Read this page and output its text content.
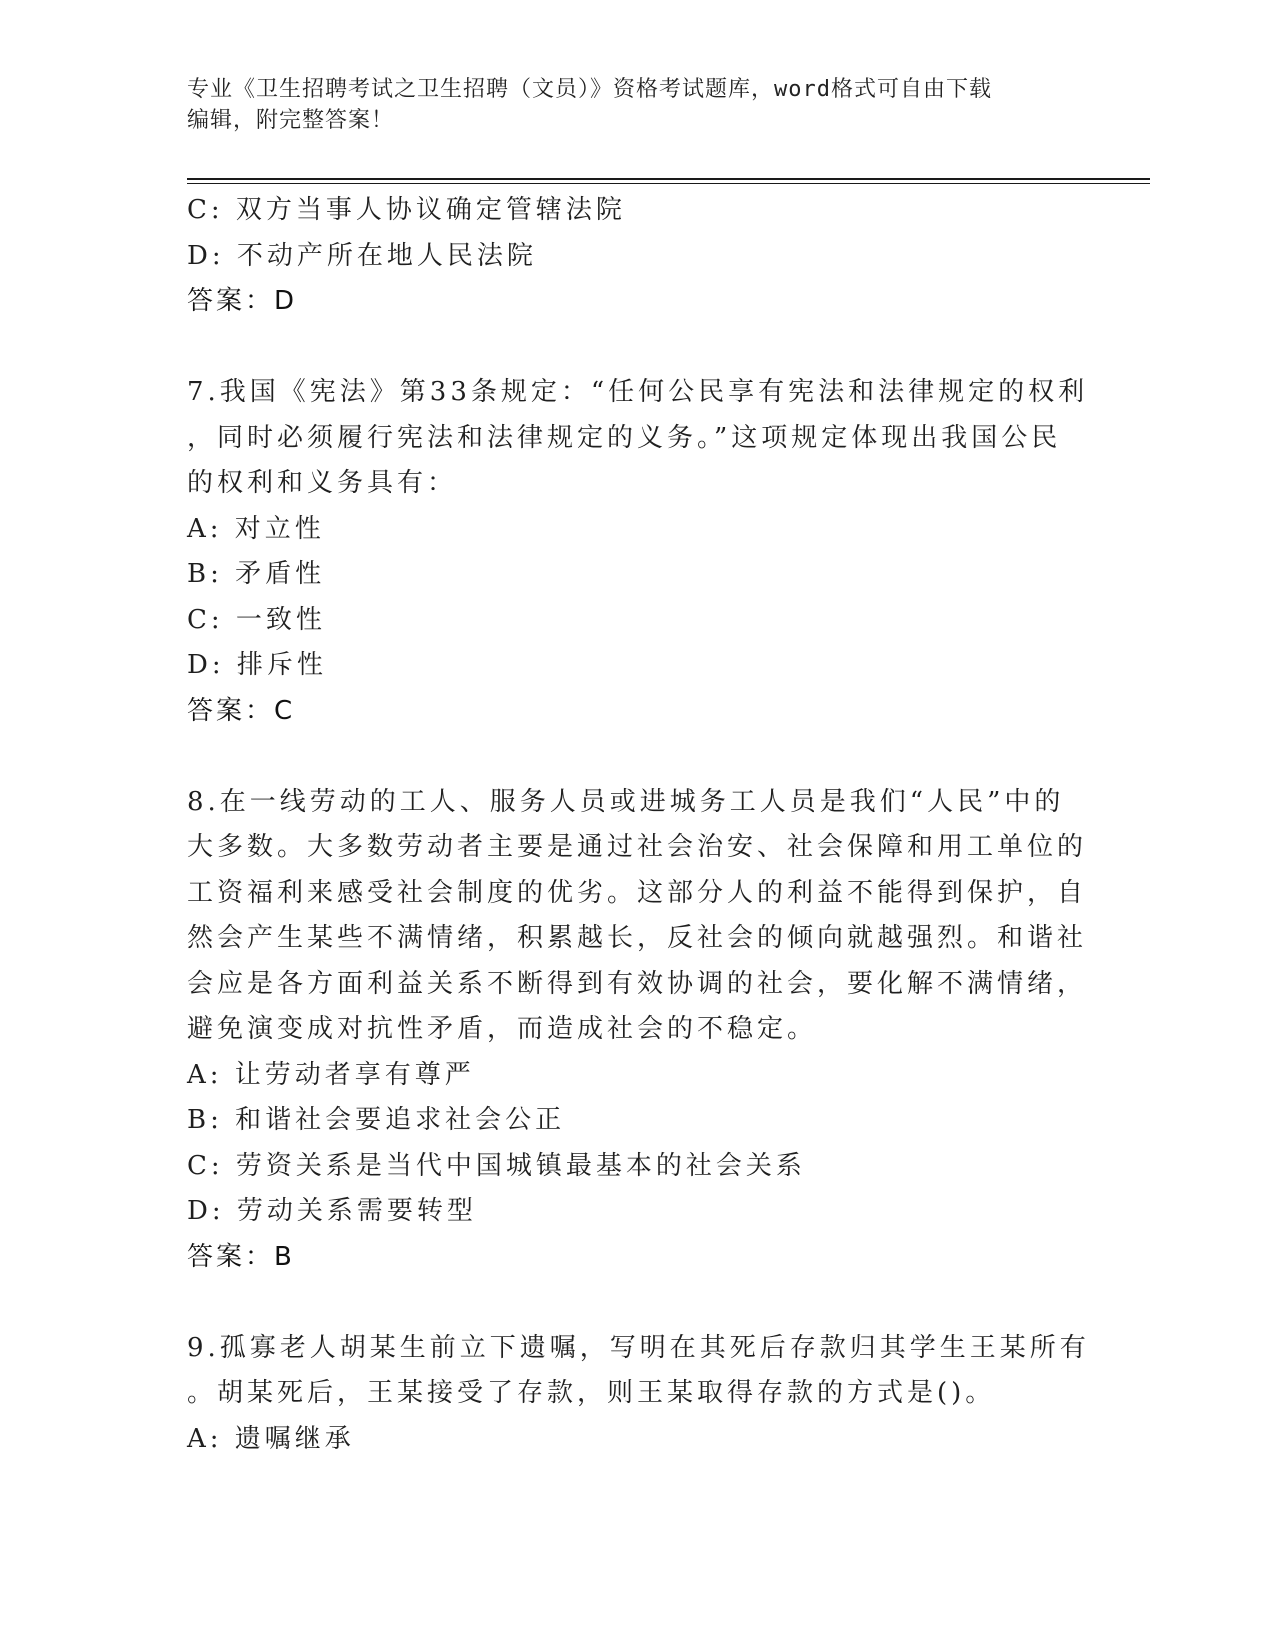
专业《卫生招聘考试之卫生招聘（文员）》资格考试题库，word格式可自由下载
编辑，附完整答案！
C: 双方当事人协议确定管辖法院
D: 不动产所在地人民法院
答案：D
7.我国《宪法》第33条规定：“任何公民享有宪法和法律规定的权利
，同时必须履行宪法和法律规定的义务。”这项规定体现出我国公民
的权利和义务具有：
A: 对立性
B: 矛盾性
C: 一致性
D: 排斥性
答案：C
8.在一线劳动的工人、服务人员或进城务工人员是我们“人民”中的
大多数。大多数劳动者主要是通过社会治安、社会保障和用工单位的
工资福利来感受社会制度的优劣。这部分人的利益不能得到保护，自
然会产生某些不满情绪，积累越长，反社会的倾向就越强烈。和谐社
会应是各方面利益关系不断得到有效协调的社会，要化解不满情绪，
避免演变成对抗性矛盾，而造成社会的不稳定。
A: 让劳动者享有尊严
B: 和谐社会要追求社会公正
C: 劳资关系是当代中国城镇最基本的社会关系
D: 劳动关系需要转型
答案：B
9.孤寡老人胡某生前立下遗嘱，写明在其死后存款归其学生王某所有
。胡某死后，王某接受了存款，则王某取得存款的方式是()。
A: 遗嘱继承
